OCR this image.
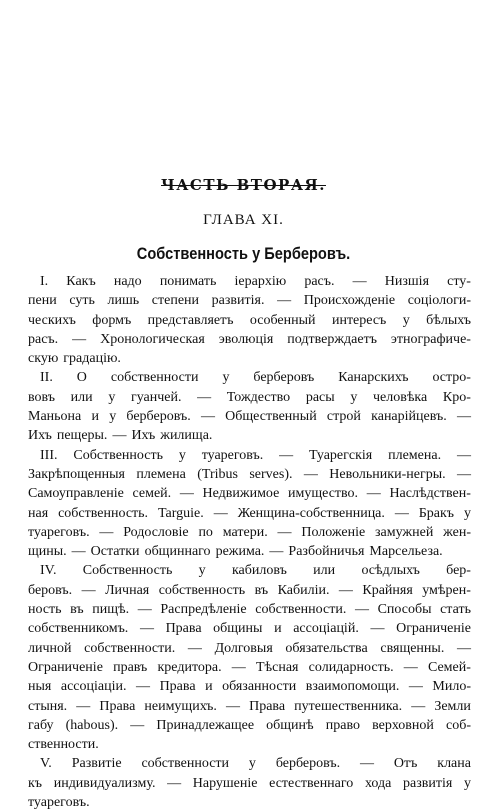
ЧАСТЬ ВТОРАЯ.
ГЛАВА XI.
Собственность у Берберовъ.
I. Какъ надо понимать іерархію расъ. — Низшія сту-
пени суть лишь степени развитія. — Происхожденіе соціологи-
ческихъ формъ представляетъ особенный интересъ у бѣлыхъ
расъ. — Хронологическая эволюція подтверждаетъ этнографиче-
скую градацію.
II. О собственности у берберовъ Канарскихъ остро-
вовъ или у гуанчей. — Тождество расы у человѣка Кро-
Маньона и у берберовъ. — Общественный строй канарійцевъ. —
Ихъ пещеры. — Ихъ жилища.
III. Собственность у туареговъ. — Туарегскія племена. —
Закрѣпощенныя племена (Tribus serves). — Невольники-негры. —
Самоуправленіе семей. — Недвижимое имущество. — Наслѣдствен-
ная собственность. Targuie. — Женщина-собственница. — Бракъ у
туареговъ. — Родословіе по матери. — Положеніе замужней жен-
щины. — Остатки общиннаго режима. — Разбойничья Марсельеза.
IV. Собственность у кабиловъ или осѣдлыхъ бер-
беровъ. — Личная собственность въ Кабиліи. — Крайняя умѣрен-
ность въ пищѣ. — Распредѣленіе собственности. — Способы стать
собственникомъ. — Права общины и ассоціацій. — Ограниченіе
личной собственности. — Долговыя обязательства священны. —
Ограниченіе правъ кредитора. — Тѣсная солидарность. — Семей-
ныя ассоціаціи. — Права и обязанности взаимопомощи. — Мило-
стыня. — Права неимущихъ. — Права путешественника. — Земли
габу (habous). — Принадлежащее общинѣ право верховной соб-
ственности.
V. Развитіе собственности у берберовъ. — Отъ клана
къ индивидуализму. — Нарушеніе естественнаго хода развитія у
туареговъ.
